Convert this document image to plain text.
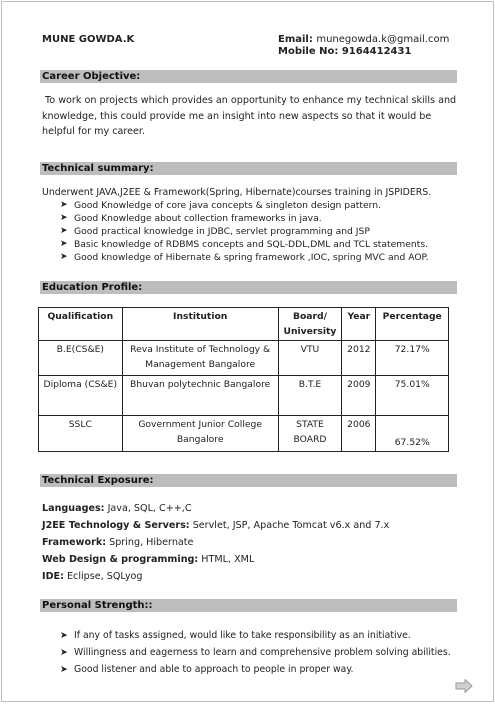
MUNE GOWDA.K	Email: munegowda.k@gmail.com
Mobile No: 9164412431
Career Objective:
To work on projects which provides an opportunity to enhance my technical skills and knowledge, this could provide me an insight into new aspects so that it would be helpful for my career.
Technical summary:
Underwent JAVA,J2EE & Framework(Spring, Hibernate)courses training in JSPIDERS.
➤ Good Knowledge of core java concepts & singleton design pattern.
➤ Good Knowledge about collection frameworks in java.
➤ Good practical knowledge in JDBC, servlet programming and JSP
➤ Basic knowledge of RDBMS concepts and SQL-DDL,DML and TCL statements.
➤ Good knowledge of Hibernate & spring framework ,IOC, spring MVC and AOP.
Education Profile:
Qualification	Institution	Board/ University	Year	Percentage
B.E(CS&E)	Reva Institute of Technology & Management Bangalore	VTU	2012	72.17%
Diploma (CS&E)	Bhuvan polytechnic Bangalore	B.T.E	2009	75.01%
SSLC	Government Junior College Bangalore	STATE BOARD	2006	67.52%
Technical Exposure:
Languages: Java, SQL, C++,C
J2EE Technology & Servers: Servlet, JSP, Apache Tomcat v6.x and 7.x
Framework: Spring, Hibernate
Web Design & programming: HTML, XML
IDE: Eclipse, SQLyog
Personal Strength::
➤ If any of tasks assigned, would like to take responsibility as an initiative.
➤ Willingness and eagerness to learn and comprehensive problem solving abilities.
➤ Good listener and able to approach to people in proper way.
